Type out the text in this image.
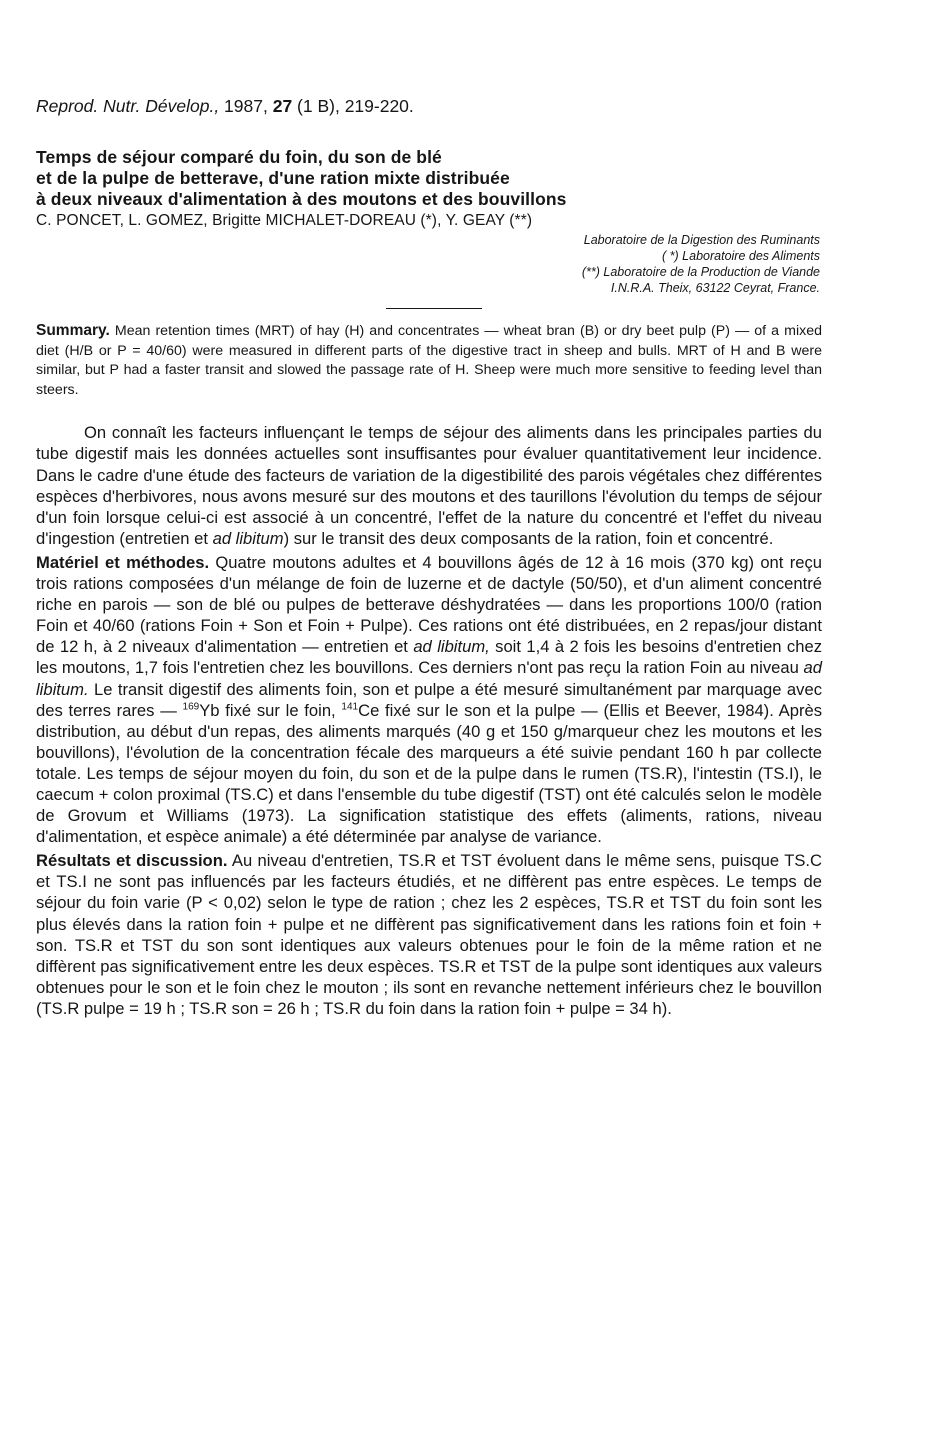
Reprod. Nutr. Dévelop., 1987, 27 (1 B), 219-220.
Temps de séjour comparé du foin, du son de blé
et de la pulpe de betterave, d'une ration mixte distribuée
à deux niveaux d'alimentation à des moutons et des bouvillons
C. PONCET, L. GOMEZ, Brigitte MICHALET-DOREAU (*), Y. GEAY (**)
Laboratoire de la Digestion des Ruminants
( *) Laboratoire des Aliments
(**) Laboratoire de la Production de Viande
I.N.R.A. Theix, 63122 Ceyrat, France.
Summary. Mean retention times (MRT) of hay (H) and concentrates — wheat bran (B) or dry beet pulp (P) — of a mixed diet (H/B or P = 40/60) were measured in different parts of the digestive tract in sheep and bulls. MRT of H and B were similar, but P had a faster transit and slowed the passage rate of H. Sheep were much more sensitive to feeding level than steers.

On connaît les facteurs influençant le temps de séjour des aliments dans les principales parties du tube digestif mais les données actuelles sont insuffisantes pour évaluer quantitativement leur incidence. Dans le cadre d'une étude des facteurs de variation de la digestibilité des parois végétales chez différentes espèces d'herbivores, nous avons mesuré sur des moutons et des taurillons l'évolution du temps de séjour d'un foin lorsque celui-ci est associé à un concentré, l'effet de la nature du concentré et l'effet du niveau d'ingestion (entretien et ad libitum) sur le transit des deux composants de la ration, foin et concentré.

Matériel et méthodes. Quatre moutons adultes et 4 bouvillons âgés de 12 à 16 mois (370 kg) ont reçu trois rations composées d'un mélange de foin de luzerne et de dactyle (50/50), et d'un aliment concentré riche en parois — son de blé ou pulpes de betterave déshydratées — dans les proportions 100/0 (ration Foin et 40/60 (rations Foin + Son et Foin + Pulpe). Ces rations ont été distribuées, en 2 repas/jour distant de 12 h, à 2 niveaux d'alimentation — entretien et ad libitum, soit 1,4 à 2 fois les besoins d'entretien chez les moutons, 1,7 fois l'entretien chez les bouvillons. Ces derniers n'ont pas reçu la ration Foin au niveau ad libitum. Le transit digestif des aliments foin, son et pulpe a été mesuré simultanément par marquage avec des terres rares — $^{169}$Yb fixé sur le foin, $^{141}$Ce fixé sur le son et la pulpe — (Ellis et Beever, 1984). Après distribution, au début d'un repas, des aliments marqués (40 g et 150 g/marqueur chez les moutons et les bouvillons), l'évolution de la concentration fécale des marqueurs a été suivie pendant 160 h par collecte totale. Les temps de séjour moyen du foin, du son et de la pulpe dans le rumen (TS.R), l'intestin (TS.I), le caecum + colon proximal (TS.C) et dans l'ensemble du tube digestif (TST) ont été calculés selon le modèle de Grovum et Williams (1973). La signification statistique des effets (aliments, rations, niveau d'alimentation, et espèce animale) a été déterminée par analyse de variance.

Résultats et discussion. Au niveau d'entretien, TS.R et TST évoluent dans le même sens, puisque TS.C et TS.I ne sont pas influencés par les facteurs étudiés, et ne diffèrent pas entre espèces. Le temps de séjour du foin varie (P < 0,02) selon le type de ration ; chez les 2 espèces, TS.R et TST du foin sont les plus élevés dans la ration foin + pulpe et ne diffèrent pas significativement dans les rations foin et foin + son. TS.R et TST du son sont identiques aux valeurs obtenues pour le foin de la même ration et ne diffèrent pas significativement entre les deux espèces. TS.R et TST de la pulpe sont identiques aux valeurs obtenues pour le son et le foin chez le mouton ; ils sont en revanche nettement inférieurs chez le bouvillon (TS.R pulpe = 19 h ; TS.R son = 26 h ; TS.R du foin dans la ration foin + pulpe = 34 h).
